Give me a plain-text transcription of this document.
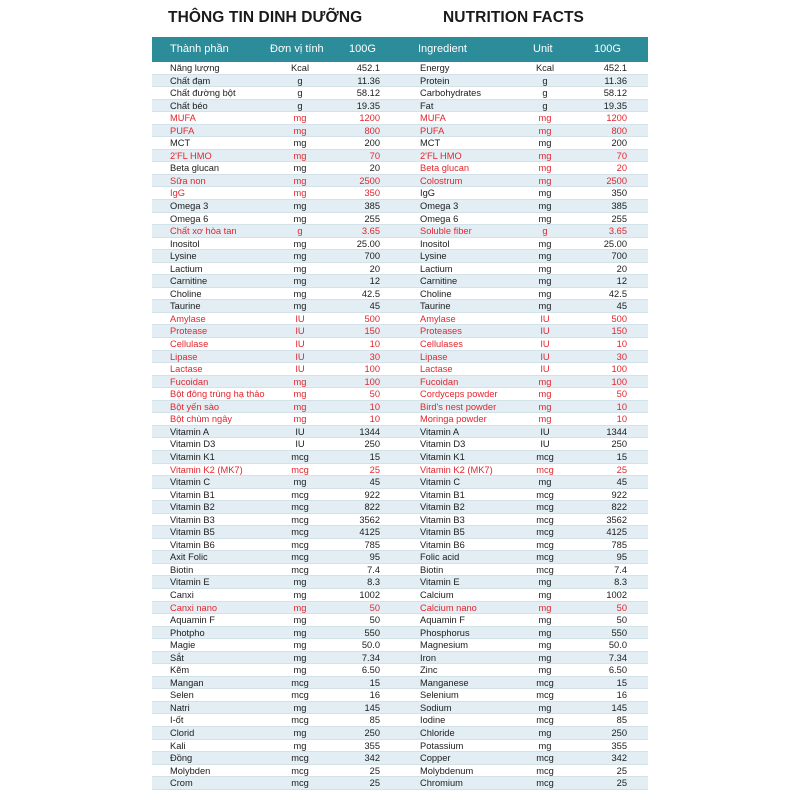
THÔNG TIN DINH DƯỠNG	NUTRITION FACTS
Thành phần	Đơn vị tính 100G	Ingredient	Unit	100G
Năng lượng	Kcal	452.1	Energy	Kcal	452.1
Chất đạm	g	11.36	Protein	g	11.36
Chất đường bột	g	58.12	Carbohydrates	g	58.12
Chất béo	g	19.35	Fat	g	19.35
MUFA	mg	1200	MUFA	mg	1200
PUFA	mg	800	PUFA	mg	800
MCT	mg	200	MCT	mg	200
2'FL HMO	mg	70	2'FL HMO	mg	70
Beta glucan	mg	20	Beta glucan	mg	20
Sữa non	mg	2500	Colostrum	mg	2500
IgG	mg	350	IgG	mg	350
Omega 3	mg	385	Omega 3	mg	385
Omega 6	mg	255	Omega 6	mg	255
Chất xơ hòa tan	g	3.65	Soluble fiber	g	3.65
Inositol	mg	25.00	Inositol	mg	25.00
Lysine	mg	700	Lysine	mg	700
Lactium	mg	20	Lactium	mg	20
Carnitine	mg	12	Carnitine	mg	12
Choline	mg	42.5	Choline	mg	42.5
Taurine	mg	45	Taurine	mg	45
Amylase	IU	500	Amylase	IU	500
Protease	IU	150	Proteases	IU	150
Cellulase	IU	10	Cellulases	IU	10
Lipase	IU	30	Lipase	IU	30
Lactase	IU	100	Lactase	IU	100
Fucoidan	mg	100	Fucoidan	mg	100
Bột đông trùng hạ thảo	mg	50	Cordyceps powder	mg	50
Bột yến sào	mg	10	Bird's nest powder	mg	10
Bột chùm ngây	mg	10	Moringa powder	mg	10
Vitamin A	IU	1344	Vitamin A	IU	1344
Vitamin D3	IU	250	Vitamin D3	IU	250
Vitamin K1	mcg	15	Vitamin K1	mcg	15
Vitamin K2 (MK7)	mcg	25	Vitamin K2 (MK7)	mcg	25
Vitamin C	mg	45	Vitamin C	mg	45
Vitamin B1	mcg	922	Vitamin B1	mcg	922
Vitamin B2	mcg	822	Vitamin B2	mcg	822
Vitamin B3	mcg	3562	Vitamin B3	mcg	3562
Vitamin B5	mcg	4125	Vitamin B5	mcg	4125
Vitamin B6	mcg	785	Vitamin B6	mcg	785
Axit Folic	mcg	95	Folic acid	mcg	95
Biotin	mcg	7.4	Biotin	mcg	7.4
Vitamin E	mg	8.3	Vitamin E	mg	8.3
Canxi	mg	1002	Calcium	mg	1002
Canxi nano	mg	50	Calcium nano	mg	50
Aquamin F	mg	50	Aquamin F	mg	50
Photpho	mg	550	Phosphorus	mg	550
Magie	mg	50.0	Magnesium	mg	50.0
Sắt	mg	7.34	Iron	mg	7.34
Kẽm	mg	6.50	Zinc	mg	6.50
Mangan	mcg	15	Manganese	mcg	15
Selen	mcg	16	Selenium	mcg	16
Natri	mg	145	Sodium	mg	145
I-ốt	mcg	85	Iodine	mcg	85
Clorid	mg	250	Chloride	mg	250
Kali	mg	355	Potassium	mg	355
Đồng	mcg	342	Copper	mcg	342
Molybden	mcg	25	Molybdenum	mcg	25
Crom	mcg	25	Chromium	mcg	25
